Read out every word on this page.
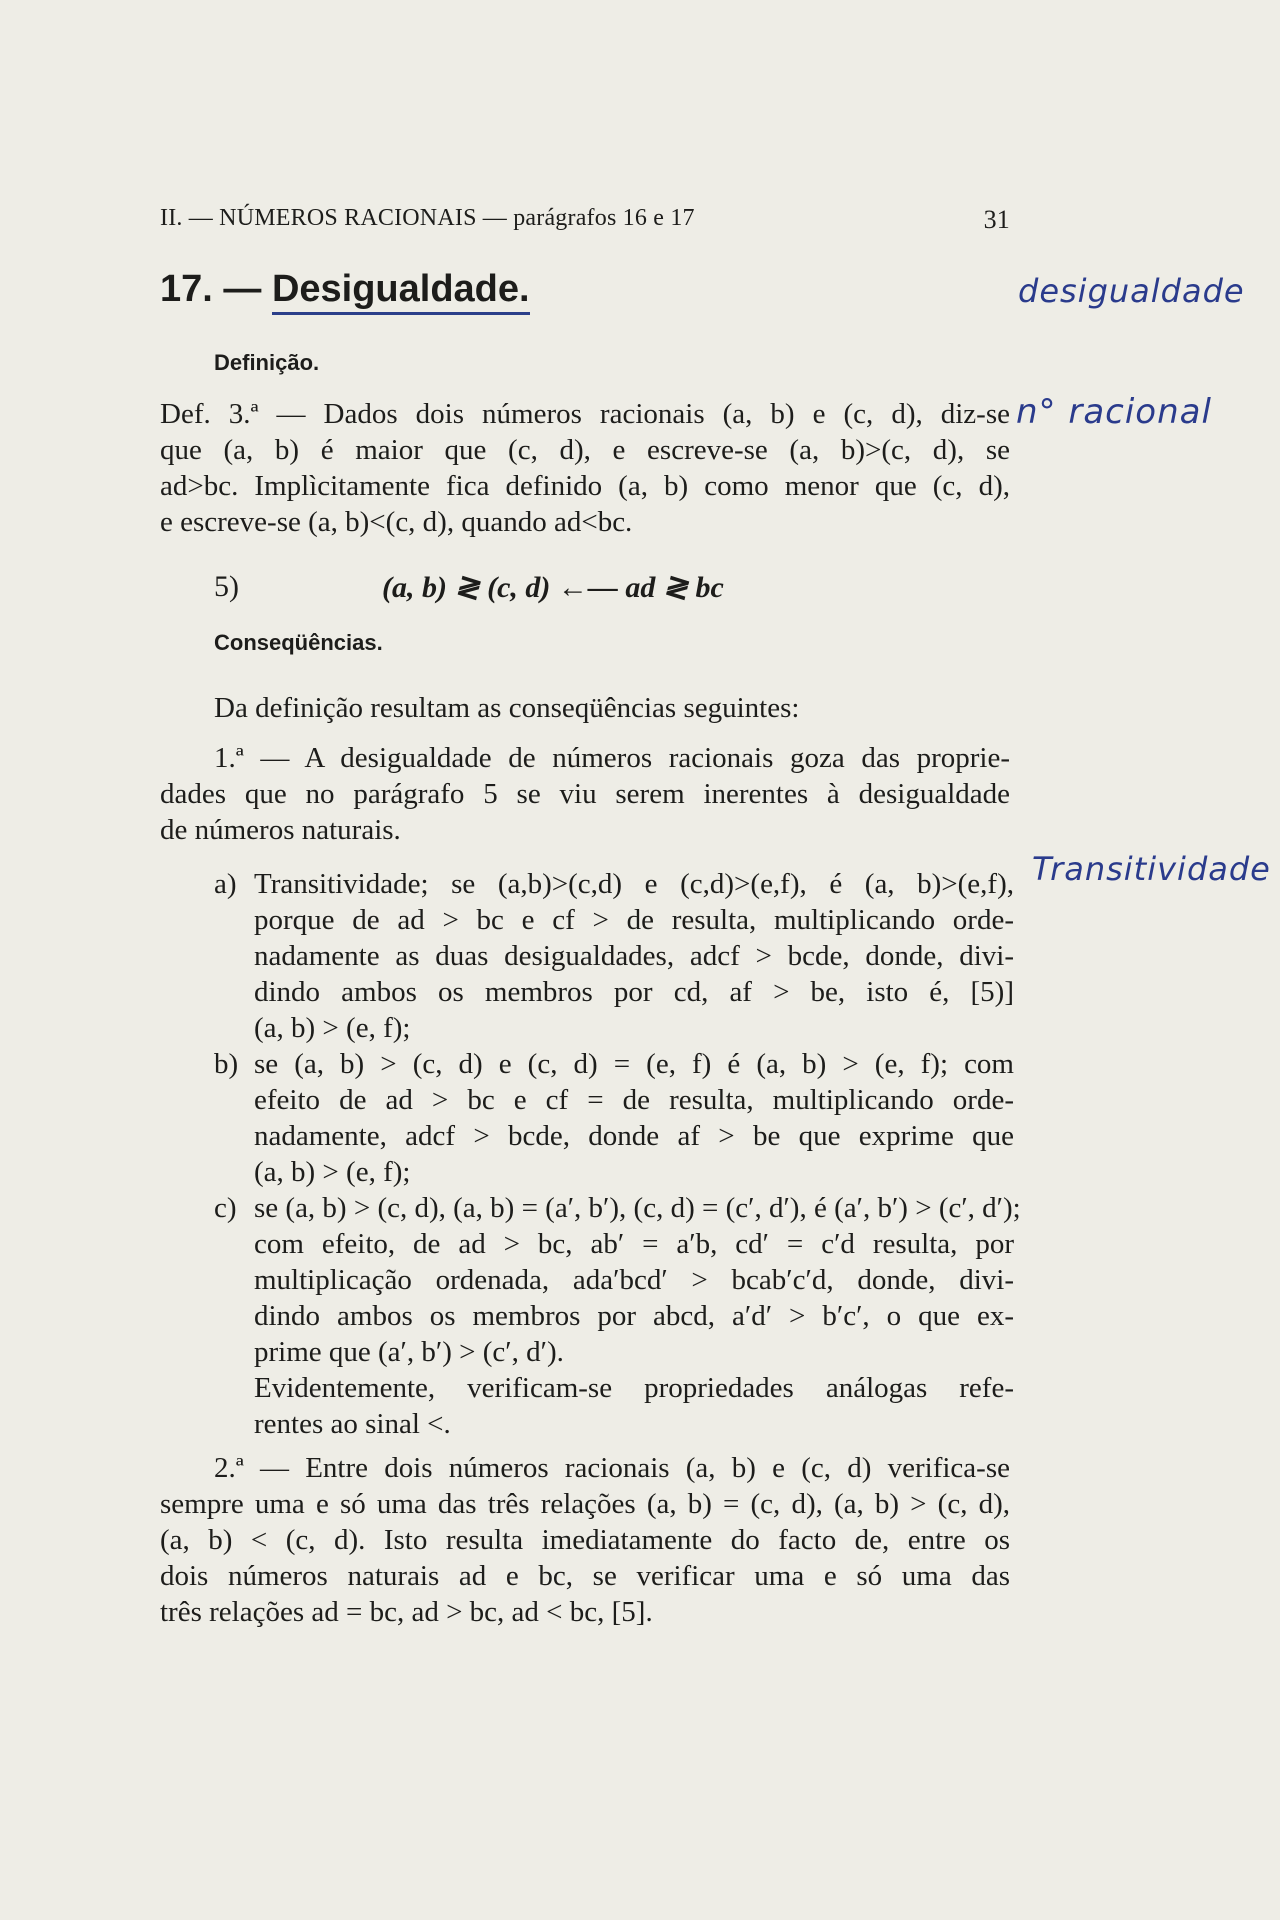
II. — NÚMEROS RACIONAIS — parágrafos 16 e 17	31
17. — Desigualdade.	desigualdade
Definição.
n° racional
Def. 3.ª — Dados dois números racionais (a, b) e (c, d), diz-se
que (a, b) é maior que (c, d), e escreve-se (a, b)>(c, d), se
ad>bc. Implìcitamente fica definido (a, b) como menor que (c, d),
e escreve-se (a, b)<(c, d), quando ad<bc.
5)	(a, b) ≷ (c, d) ←— ad ≷ bc
Conseqüências.
Da definição resultam as conseqüências seguintes:
1.ª — A desigualdade de números racionais goza das proprie-
dades que no parágrafo 5 se viu serem inerentes à desigualdade
de números naturais.
Transitividade
a) Transitividade; se (a,b)>(c,d) e (c,d)>(e,f), é (a, b)>(e,f),
porque de ad > bc e cf > de resulta, multiplicando orde-
nadamente as duas desigualdades, adcf > bcde, donde, divi-
dindo ambos os membros por cd, af > be, isto é, [5)]
(a, b) > (e, f);
b) se (a, b) > (c, d) e (c, d) = (e, f) é (a, b) > (e, f); com
efeito de ad > bc e cf = de resulta, multiplicando orde-
nadamente, adcf > bcde, donde af > be que exprime que
(a, b) > (e, f);
c) se (a, b) > (c, d), (a, b) = (a′, b′), (c, d) = (c′, d′), é (a′, b′) > (c′, d′);
com efeito, de ad > bc, ab′ = a′b, cd′ = c′d resulta, por
multiplicação ordenada, ada′bcd′ > bcab′c′d, donde, divi-
dindo ambos os membros por abcd, a′d′ > b′c′, o que ex-
prime que (a′, b′) > (c′, d′).
Evidentemente, verificam-se propriedades análogas refe-
rentes ao sinal <.
2.ª — Entre dois números racionais (a, b) e (c, d) verifica-se
sempre uma e só uma das três relações (a, b) = (c, d), (a, b) > (c, d),
(a, b) < (c, d). Isto resulta imediatamente do facto de, entre os
dois números naturais ad e bc, se verificar uma e só uma das
três relações ad = bc, ad > bc, ad < bc, [5].
